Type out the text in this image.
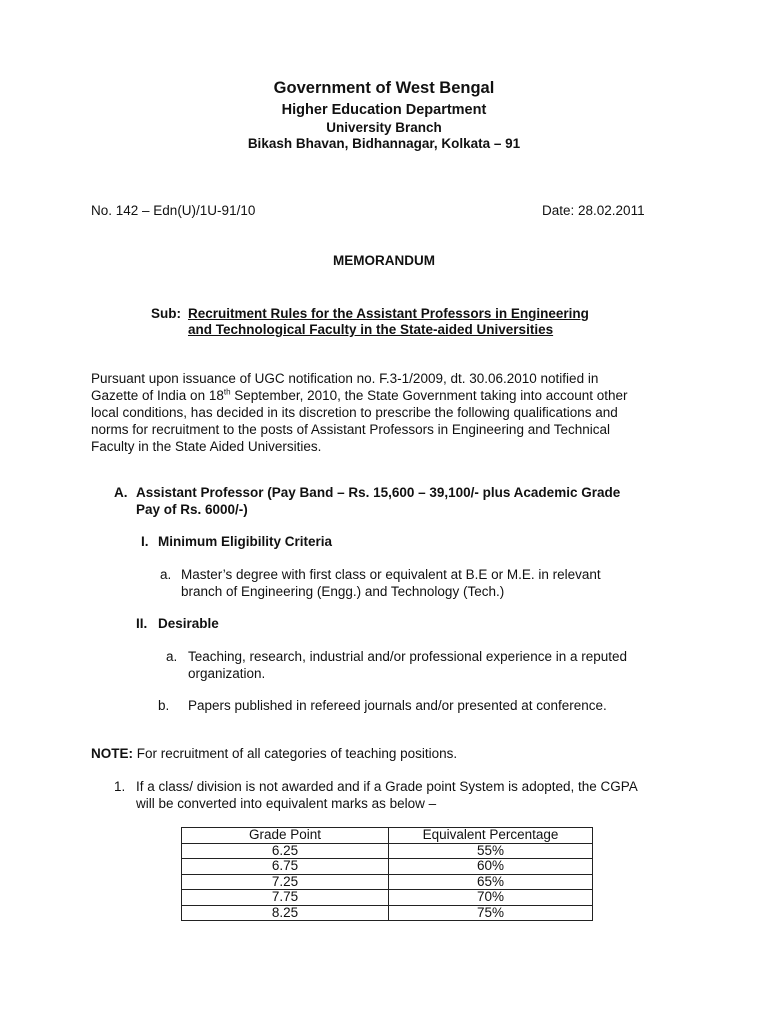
Government of West Bengal
Higher Education Department
University Branch
Bikash Bhavan, Bidhannagar, Kolkata – 91
No. 142 – Edn(U)/1U-91/10	Date: 28.02.2011
MEMORANDUM
Sub: Recruitment Rules for the Assistant Professors in Engineering
and Technological Faculty in the State-aided Universities
Pursuant upon issuance of UGC notification no. F.3-1/2009, dt. 30.06.2010 notified in
Gazette of India on 18th September, 2010, the State Government taking into account other
local conditions, has decided in its discretion to prescribe the following qualifications and
norms for recruitment to the posts of Assistant Professors in Engineering and Technical
Faculty in the State Aided Universities.
A. Assistant Professor (Pay Band – Rs. 15,600 – 39,100/- plus Academic Grade
Pay of Rs. 6000/-)
I. Minimum Eligibility Criteria
a. Master’s degree with first class or equivalent at B.E or M.E. in relevant
branch of Engineering (Engg.) and Technology (Tech.)
II. Desirable
a. Teaching, research, industrial and/or professional experience in a reputed
organization.
b. Papers published in refereed journals and/or presented at conference.
NOTE: For recruitment of all categories of teaching positions.
1. If a class/ division is not awarded and if a Grade point System is adopted, the CGPA
will be converted into equivalent marks as below –
Grade Point	Equivalent Percentage
6.25	55%
6.75	60%
7.25	65%
7.75	70%
8.25	75%
